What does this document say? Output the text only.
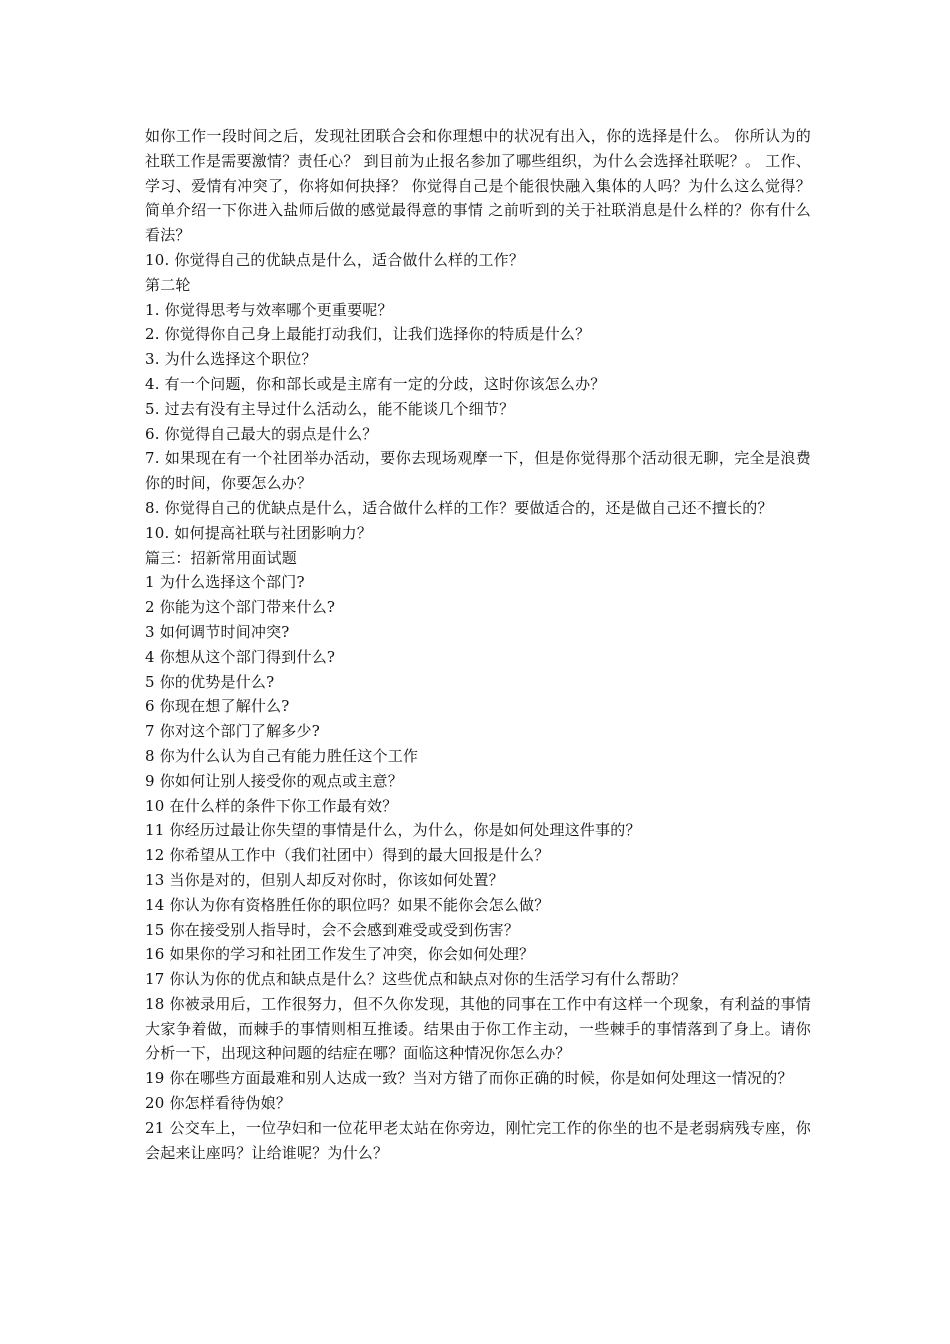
如你工作一段时间之后，发现社团联合会和你理想中的状况有出入，你的选择是什么。 你所认为的社联工作是需要激情？责任心？ 到目前为止报名参加了哪些组织，为什么会选择社联呢？。 工作、学习、爱情有冲突了，你将如何抉择？ 你觉得自己是个能很快融入集体的人吗？为什么这么觉得？ 简单介绍一下你进入盐师后做的感觉最得意的事情 之前听到的关于社联消息是什么样的？你有什么看法？

10. 你觉得自己的优缺点是什么，适合做什么样的工作？

第二轮

1. 你觉得思考与效率哪个更重要呢？

2. 你觉得你自己身上最能打动我们，让我们选择你的特质是什么？

3. 为什么选择这个职位？

4. 有一个问题，你和部长或是主席有一定的分歧，这时你该怎么办？

5. 过去有没有主导过什么活动么，能不能谈几个细节？

6. 你觉得自己最大的弱点是什么？

7. 如果现在有一个社团举办活动，要你去现场观摩一下，但是你觉得那个活动很无聊，完全是浪费你的时间，你要怎么办？

8. 你觉得自己的优缺点是什么，适合做什么样的工作？要做适合的，还是做自己还不擅长的？

10. 如何提高社联与社团影响力？

篇三：招新常用面试题

1 为什么选择这个部门?

2 你能为这个部门带来什么?

3 如何调节时间冲突?

4 你想从这个部门得到什么?

5 你的优势是什么?

6 你现在想了解什么?

7 你对这个部门了解多少?

8 你为什么认为自己有能力胜任这个工作

9 你如何让别人接受你的观点或主意？

10 在什么样的条件下你工作最有效？

11 你经历过最让你失望的事情是什么，为什么，你是如何处理这件事的？

12 你希望从工作中（我们社团中）得到的最大回报是什么？

13 当你是对的，但别人却反对你时，你该如何处置？

14 你认为你有资格胜任你的职位吗？如果不能你会怎么做？

15 你在接受别人指导时，会不会感到难受或受到伤害？

16 如果你的学习和社团工作发生了冲突，你会如何处理？

17 你认为你的优点和缺点是什么？这些优点和缺点对你的生活学习有什么帮助？

18 你被录用后，工作很努力，但不久你发现，其他的同事在工作中有这样一个现象，有利益的事情大家争着做，而棘手的事情则相互推诿。结果由于你工作主动，一些棘手的事情落到了身上。请你分析一下，出现这种问题的结症在哪？面临这种情况你怎么办？

19 你在哪些方面最难和别人达成一致？当对方错了而你正确的时候，你是如何处理这一情况的？

20 你怎样看待伪娘？

21 公交车上，一位孕妇和一位花甲老太站在你旁边，刚忙完工作的你坐的也不是老弱病残专座，你会起来让座吗？让给谁呢？为什么？
